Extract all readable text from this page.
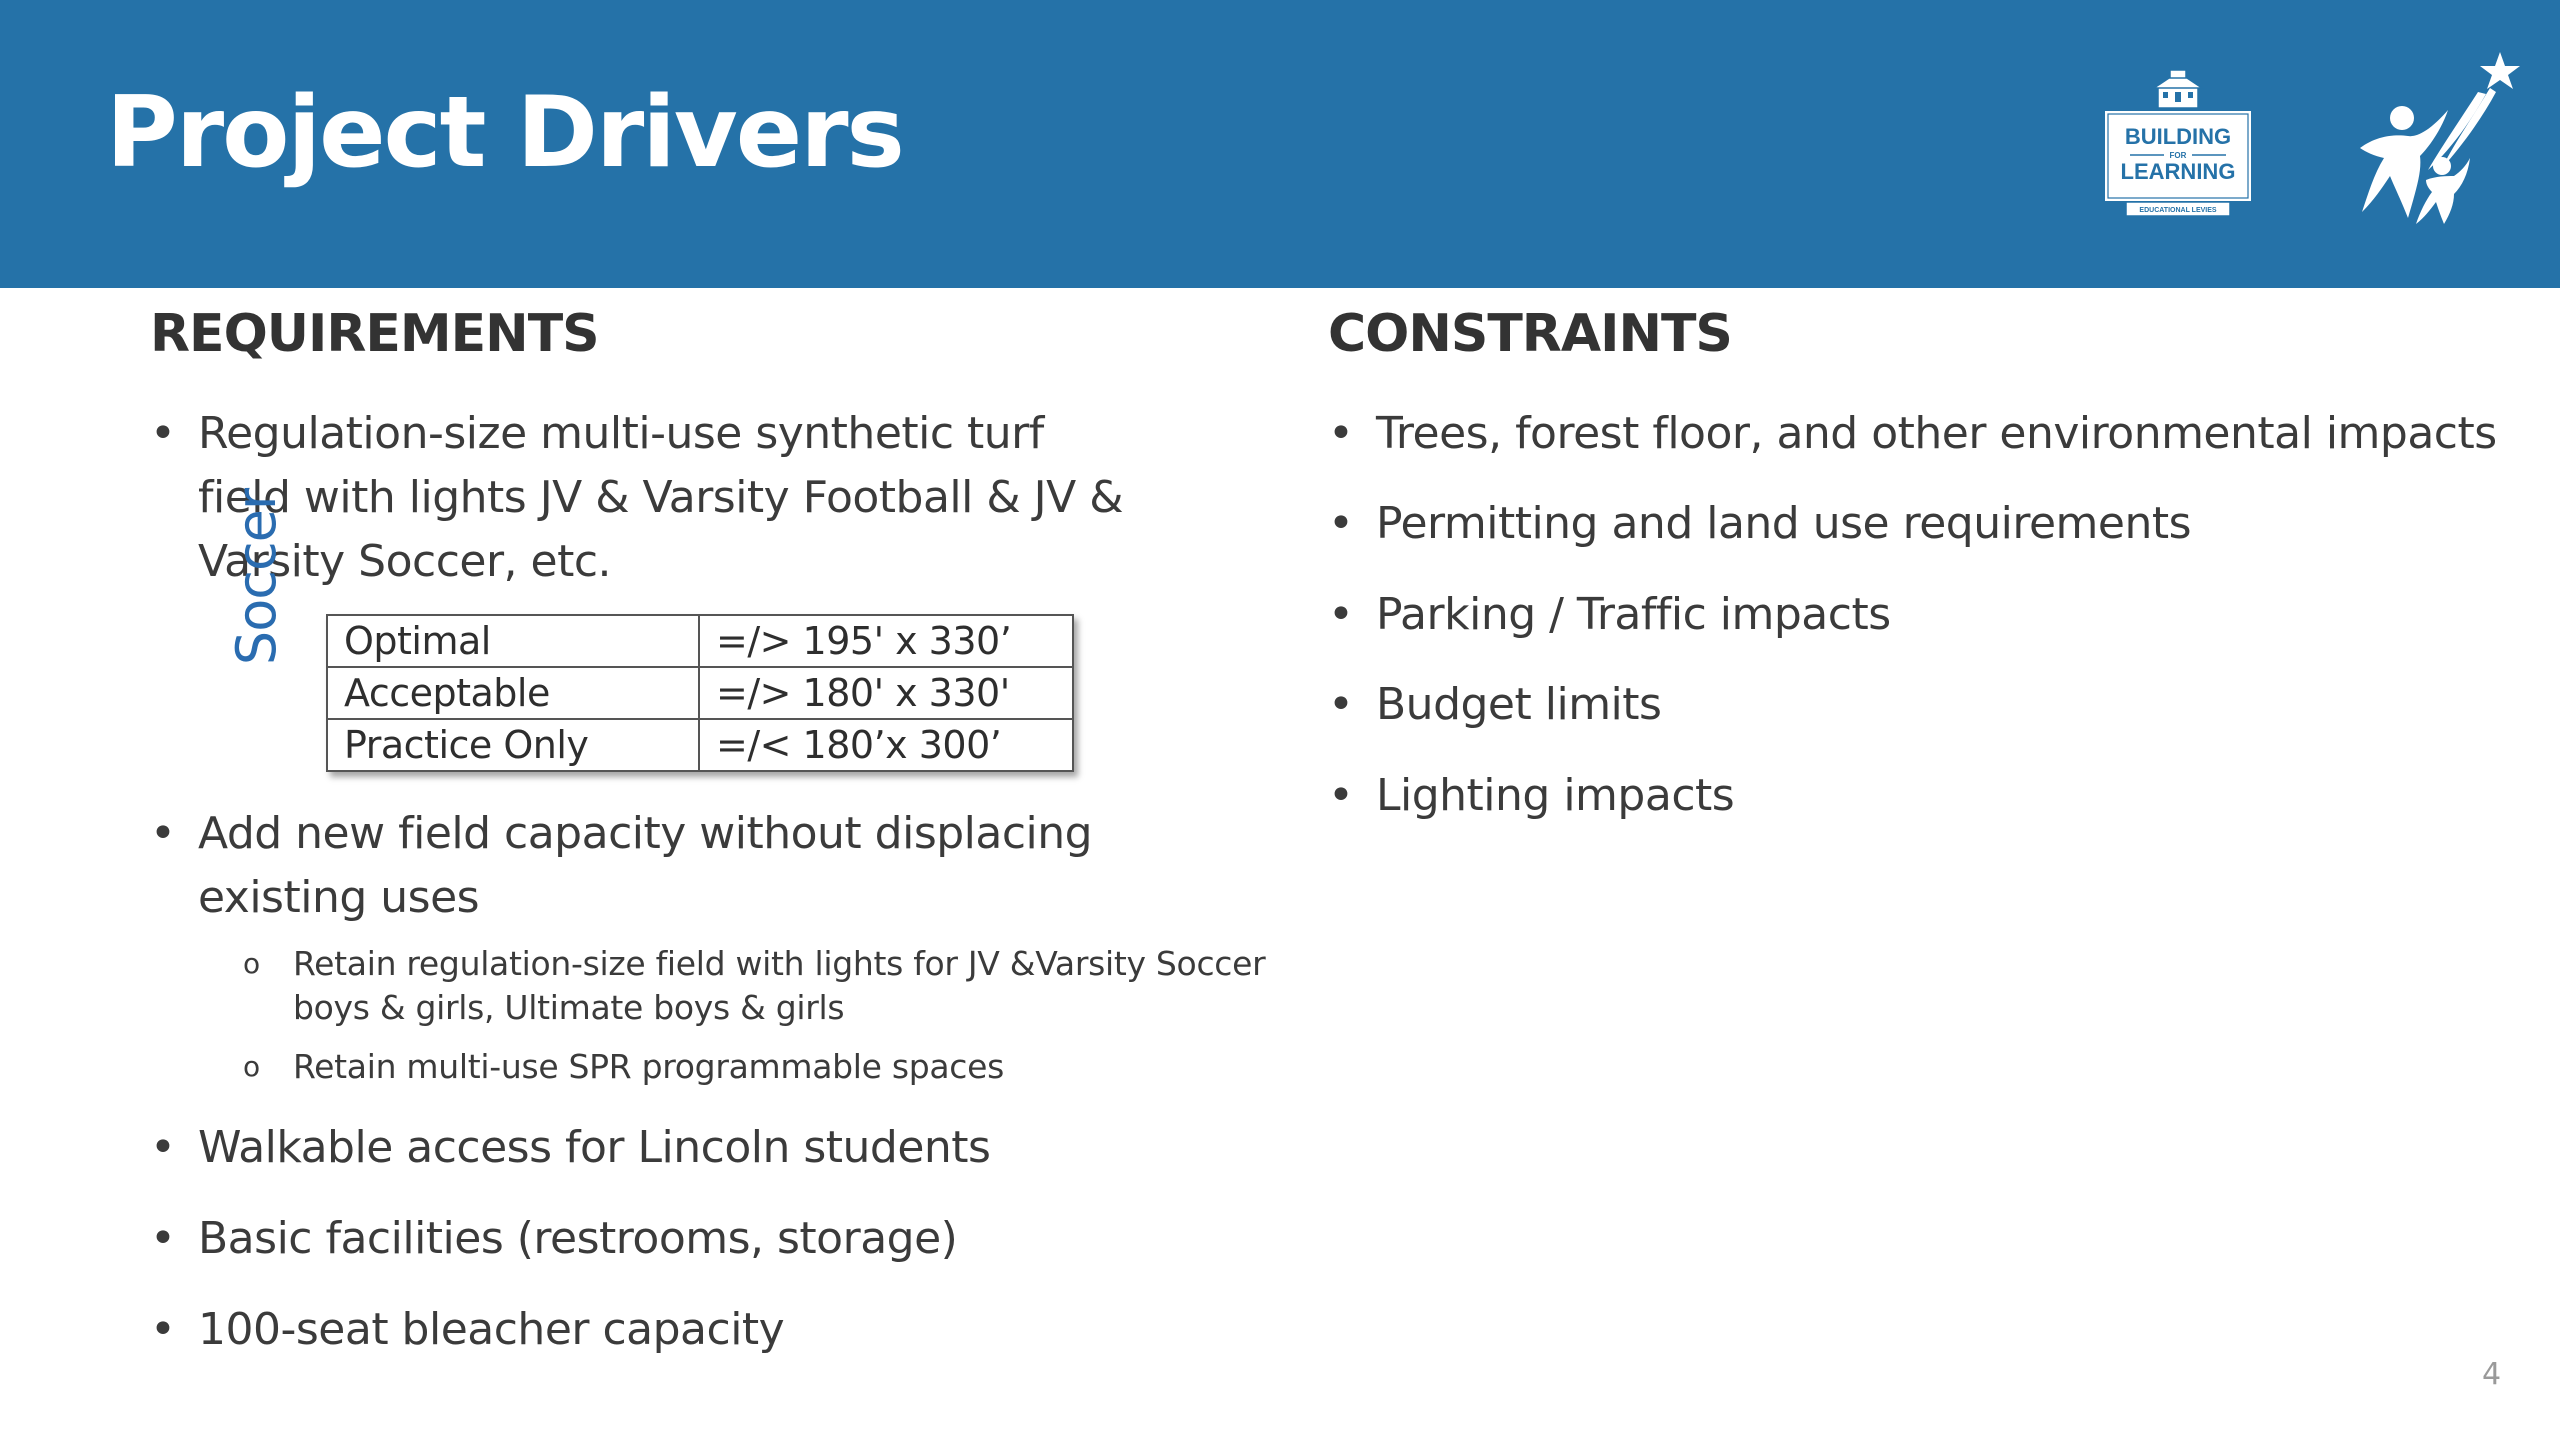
Project Drivers	BUILDING
FOR
LEARNING
EDUCATIONAL LEVIES
REQUIREMENTS
• Regulation-size multi-use synthetic turf
field with lights JV & Varsity Football & JV &
Varsity Soccer, etc.
Soccer Optimal	=/> 195' x 330’
Acceptable	=/> 180' x 330'
Practice Only	=/< 180’x 300’
• Add new field capacity without displacing
existing uses
o Retain regulation-size field with lights for JV &Varsity Soccer
boys & girls, Ultimate boys & girls
o Retain multi-use SPR programmable spaces
• Walkable access for Lincoln students
• Basic facilities (restrooms, storage)
• 100-seat bleacher capacity
CONSTRAINTS
• Trees, forest floor, and other environmental impacts
• Permitting and land use requirements
• Parking / Traffic impacts
• Budget limits
• Lighting impacts
4
